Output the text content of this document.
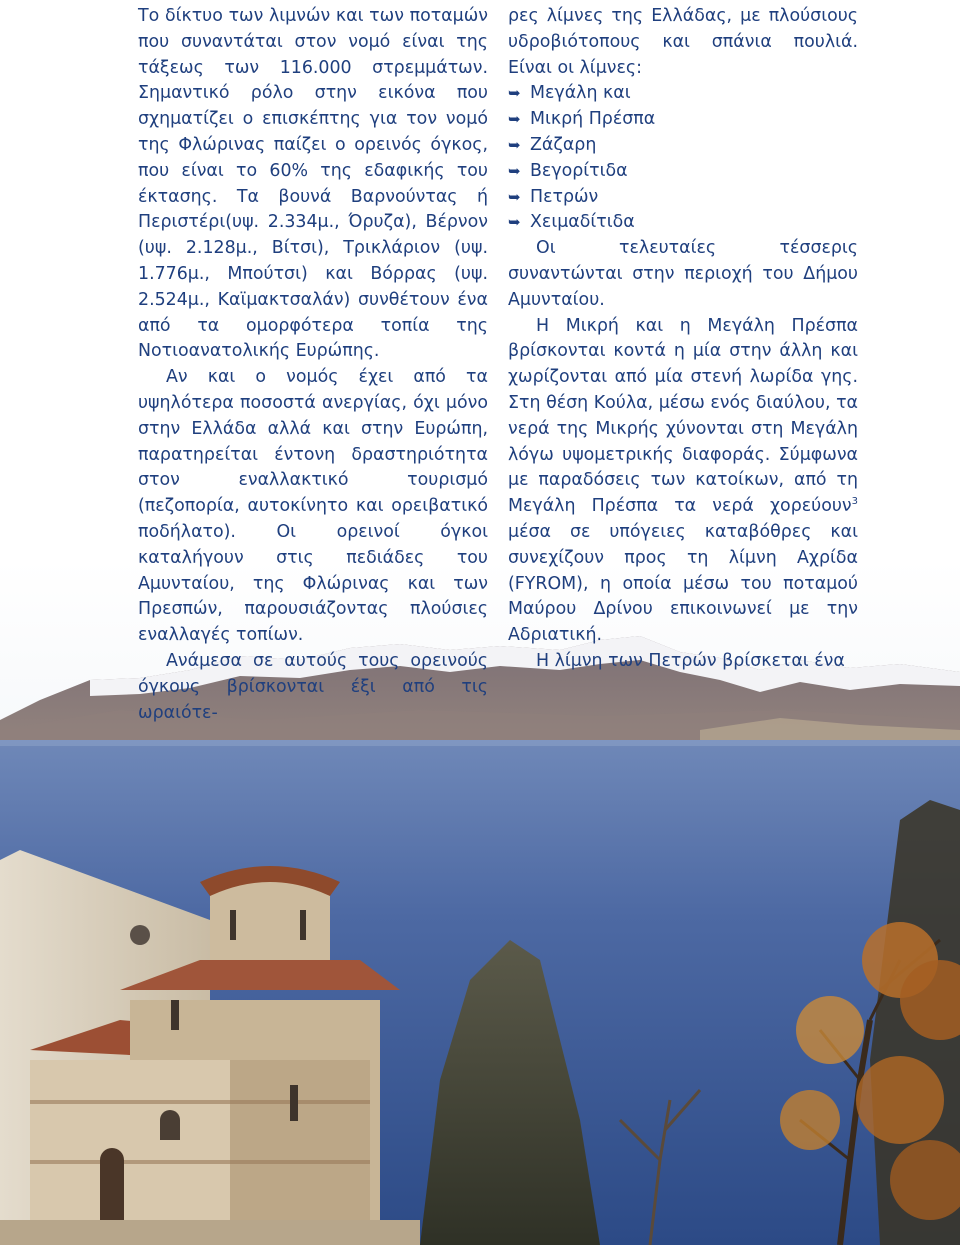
Το δίκτυο των λιμνών και των ποταμών που συναντάται στον νομό είναι της τάξεως των 116.000 στρεμμάτων. Σημαντικό ρόλο στην εικόνα που σχηματίζει ο επισκέπτης για τον νομό της Φλώρινας παίζει ο ορεινός όγκος, που είναι το 60% της εδαφικής του έκτασης. Τα βουνά Βαρνούντας ή Περιστέρι(υψ. 2.334μ., Όρυζα), Βέρνον (υψ. 2.128μ., Βίτσι), Τρικλάριον (υψ. 1.776μ., Μπούτσι) και Βόρρας (υψ. 2.524μ., Καϊμακτσαλάν) συνθέτουν ένα από τα ομορφότερα τοπία της Νοτιοανατολικής Ευρώπης.

Αν και ο νομός έχει από τα υψηλότερα ποσοστά ανεργίας, όχι μόνο στην Ελλάδα αλλά και στην Ευρώπη, παρατηρείται έντονη δραστηριότητα στον εναλλακτικό τουρισμό (πεζοπορία, αυτοκίνητο και ορειβατικό ποδήλατο). Οι ορεινοί όγκοι καταλήγουν στις πεδιάδες του Αμυνταίου, της Φλώρινας και των Πρεσπών, παρουσιάζοντας πλούσιες εναλλαγές τοπίων.

Ανάμεσα σε αυτούς τους ορεινούς όγκους βρίσκονται έξι από τις ωραιότε-

ρες λίμνες της Ελλάδας, με πλούσιους υδροβιότοπους και σπάνια πουλιά. Είναι οι λίμνες:

➥ Μεγάλη και
➥ Μικρή Πρέσπα
➥ Ζάζαρη
➥ Βεγορίτιδα
➥ Πετρών
➥ Χειμαδίτιδα

Οι τελευταίες τέσσερις συναντώνται στην περιοχή του Δήμου Αμυνταίου.

Η Μικρή και η Μεγάλη Πρέσπα βρίσκονται κοντά η μία στην άλλη και χωρίζονται από μία στενή λωρίδα γης. Στη θέση Κούλα, μέσω ενός διαύλου, τα νερά της Μικρής χύνονται στη Μεγάλη λόγω υψομετρικής διαφοράς. Σύμφωνα με παραδόσεις των κατοίκων, από τη Μεγάλη Πρέσπα τα νερά χορεύουν$^3$ μέσα σε υπόγειες καταβόθρες και συνεχίζουν προς τη λίμνη Αχρίδα (FYROM), η οποία μέσω του ποταμού Μαύρου Δρίνου επικοινωνεί με την Αδριατική.

Η λίμνη των Πετρών βρίσκεται ένα
